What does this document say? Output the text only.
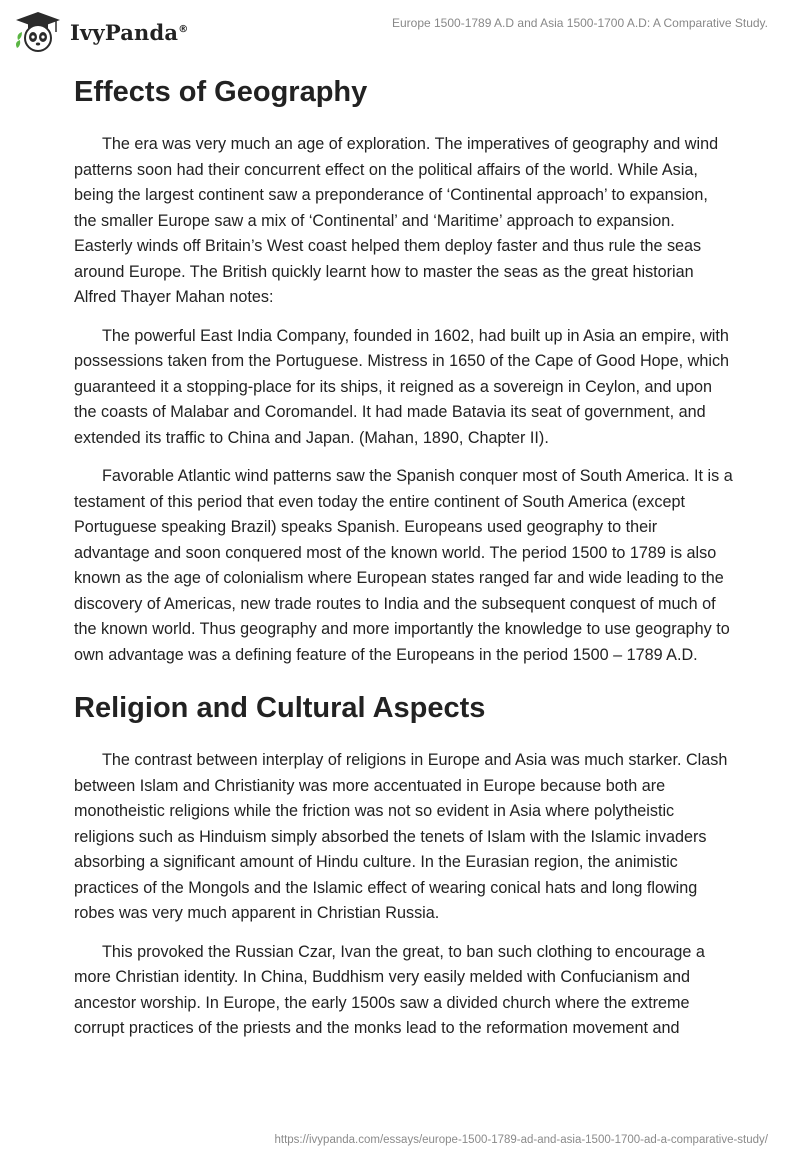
IvyPanda®	Europe 1500-1789 A.D and Asia 1500-1700 A.D: A Comparative Study.
Effects of Geography

The era was very much an age of exploration. The imperatives of geography and wind patterns soon had their concurrent effect on the political affairs of the world. While Asia, being the largest continent saw a preponderance of ‘Continental approach’ to expansion, the smaller Europe saw a mix of ‘Continental’ and ‘Maritime’ approach to expansion. Easterly winds off Britain’s West coast helped them deploy faster and thus rule the seas around Europe. The British quickly learnt how to master the seas as the great historian Alfred Thayer Mahan notes:

The powerful East India Company, founded in 1602, had built up in Asia an empire, with possessions taken from the Portuguese. Mistress in 1650 of the Cape of Good Hope, which guaranteed it a stopping-place for its ships, it reigned as a sovereign in Ceylon, and upon the coasts of Malabar and Coromandel. It had made Batavia its seat of government, and extended its traffic to China and Japan. (Mahan, 1890, Chapter II).

Favorable Atlantic wind patterns saw the Spanish conquer most of South America. It is a testament of this period that even today the entire continent of South America (except Portuguese speaking Brazil) speaks Spanish. Europeans used geography to their advantage and soon conquered most of the known world. The period 1500 to 1789 is also known as the age of colonialism where European states ranged far and wide leading to the discovery of Americas, new trade routes to India and the subsequent conquest of much of the known world. Thus geography and more importantly the knowledge to use geography to own advantage was a defining feature of the Europeans in the period 1500 – 1789 A.D.

Religion and Cultural Aspects

The contrast between interplay of religions in Europe and Asia was much starker. Clash between Islam and Christianity was more accentuated in Europe because both are monotheistic religions while the friction was not so evident in Asia where polytheistic religions such as Hinduism simply absorbed the tenets of Islam with the Islamic invaders absorbing a significant amount of Hindu culture. In the Eurasian region, the animistic practices of the Mongols and the Islamic effect of wearing conical hats and long flowing robes was very much apparent in Christian Russia.

This provoked the Russian Czar, Ivan the great, to ban such clothing to encourage a more Christian identity. In China, Buddhism very easily melded with Confucianism and ancestor worship. In Europe, the early 1500s saw a divided church where the extreme corrupt practices of the priests and the monks lead to the reformation movement and

https://ivypanda.com/essays/europe-1500-1789-ad-and-asia-1500-1700-ad-a-comparative-study/
